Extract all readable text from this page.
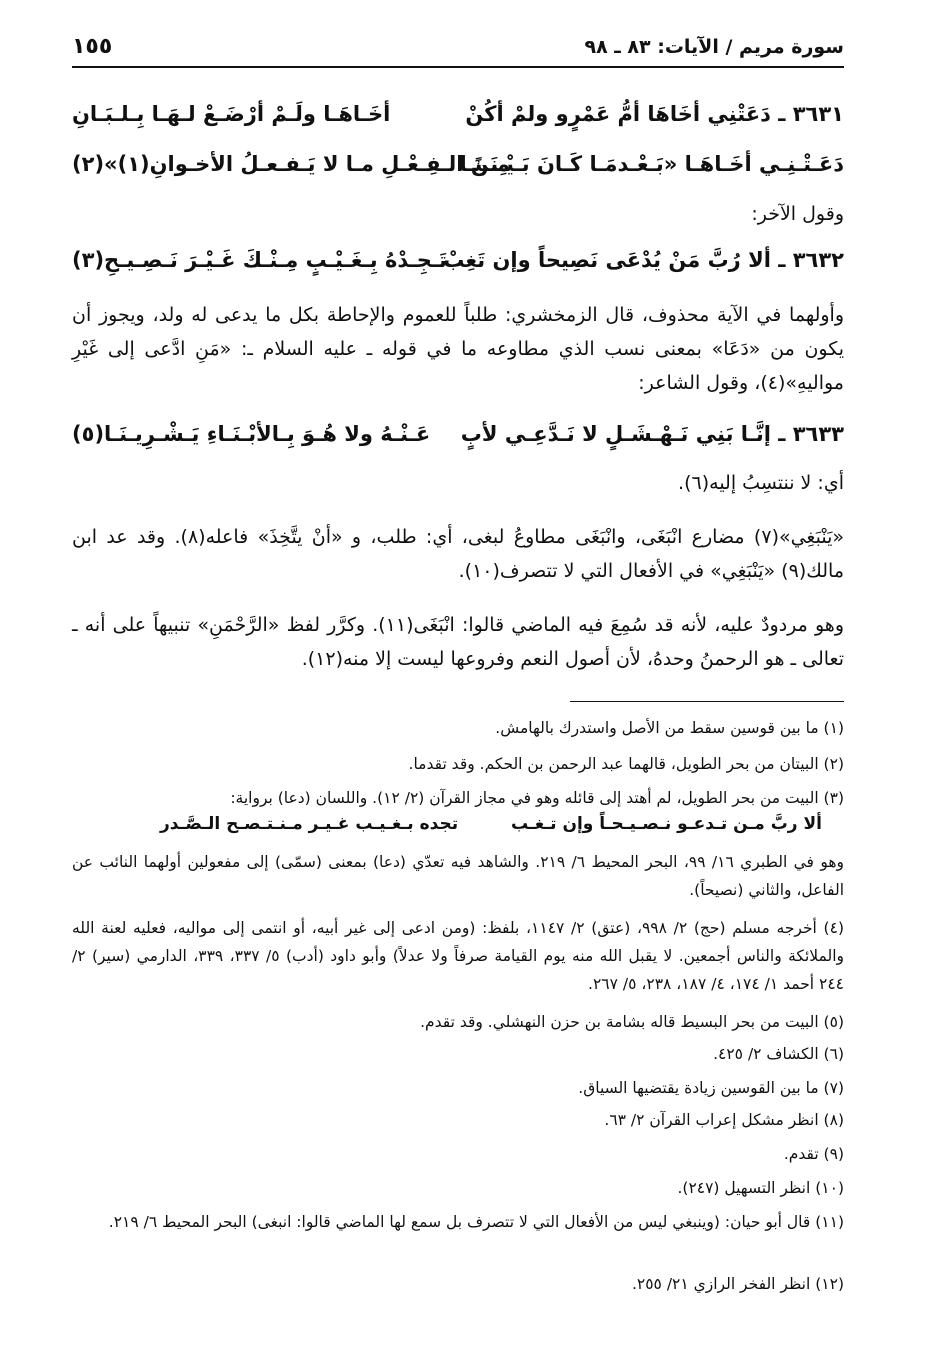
سورة مريم / الآيات: ٨٣ ـ ٩٨
١٥٥
٣٦٣١ ـ دَعَتْنِي أخَاهَا أمُّ عَمْرٍو ولمْ أكُنْ
أخَـاهَـا ولَـمْ أرْضَـعْ لـهَـا بِـلـبَـانِ
دَعَـتْـنِـي أخَـاهَـا «بَـعْـدمَـا كَـانَ بَـيْـنَـنَـا
مِـنَ الـفِـعْـلِ مـا لا يَـفـعـلُ الأخـوانِ(١)»(٢)
وقول الآخر:
٣٦٣٢ ـ ألا رُبَّ مَنْ يُدْعَى نَصِيحاً وإن تَغِبْ
تَـجِـدْهُ بِـغَـيْـبٍ مِـنْـكَ غَـيْـرَ نَـصِـيـحِ(٣)
وأولهما في الآية محذوف، قال الزمخشري: طلباً للعموم والإحاطة بكل ما يدعى له ولد، ويجوز أن يكون من «دَعَا» بمعنى نسب الذي مطاوعه ما في قوله ـ عليه السلام ـ: «مَنِ ادَّعى إلى غَيْرِ مواليهِ»(٤)، وقول الشاعر:
٣٦٣٣ ـ إنَّـا بَنِي نَـهْـشَـلٍ لا نَـدَّعِـي لأبٍ
عَـنْـهُ ولا هُـوَ بِـالأبْـنَـاءِ يَـشْـرِيـنَـا(٥)
أي: لا ننتسِبُ إليه(٦).
«يَنْبَغِي»(٧) مضارع انْبَغَى، وانْبَغَى مطاوعُ لبغى، أي: طلب، و «أنْ يتَّخِذَ» فاعله(٨). وقد عد ابن مالك(٩) «يَنْبَغِي» في الأفعال التي لا تتصرف(١٠).
وهو مردودٌ عليه، لأنه قد سُمِعَ فيه الماضي قالوا: انْبَغَى(١١). وكرَّر لفظ «الرَّحْمَنِ» تنبيهاً على أنه ـ تعالى ـ هو الرحمنُ وحدهُ، لأن أصول النعم وفروعها ليست إلا منه(١٢).
(١) ما بين قوسين سقط من الأصل واستدرك بالهامش.
(٢) البيتان من بحر الطويل، قالهما عبد الرحمن بن الحكم. وقد تقدما.
(٣) البيت من بحر الطويل، لم أهتد إلى قائله وهو في مجاز القرآن (٢/ ١٢). واللسان (دعا) برواية:
ألا ربَّ مـن تـدعـو نـصـيـحـاً وإن تـغـب
تجده بـغـيـب غـيـر مـنـتـصـح الـصَّـدر
وهو في الطبري ١٦/ ٩٩، البحر المحيط ٦/ ٢١٩. والشاهد فيه تعدّي (دعا) بمعنى (سمّى) إلى مفعولين أولهما النائب عن الفاعل، والثاني (نصيحاً).
(٤) أخرجه مسلم (حج) ٢/ ٩٩٨، (عتق) ٢/ ١١٤٧، بلفظ: (ومن ادعى إلى غير أبيه، أو انتمى إلى مواليه، فعليه لعنة الله والملائكة والناس أجمعين. لا يقبل الله منه يوم القيامة صرفاً ولا عدلاً) وأبو داود (أدب) ٥/ ٣٣٧، ٣٣٩، الدارمي (سير) ٢/ ٢٤٤ أحمد ١/ ١٧٤، ٤/ ١٨٧، ٢٣٨، ٥/ ٢٦٧.
(٥) البيت من بحر البسيط قاله بشامة بن حزن النهشلي. وقد تقدم.
(٦) الكشاف ٢/ ٤٢٥.
(٧) ما بين القوسين زيادة يقتضيها السياق.
(٨) انظر مشكل إعراب القرآن ٢/ ٦٣.
(٩) تقدم.
(١٠) انظر التسهيل (٢٤٧).
(١١) قال أبو حيان: (وينبغي ليس من الأفعال التي لا تتصرف بل سمع لها الماضي قالوا: انبغى) البحر المحيط ٦/ ٢١٩.
(١٢) انظر الفخر الرازي ٢١/ ٢٥٥.
